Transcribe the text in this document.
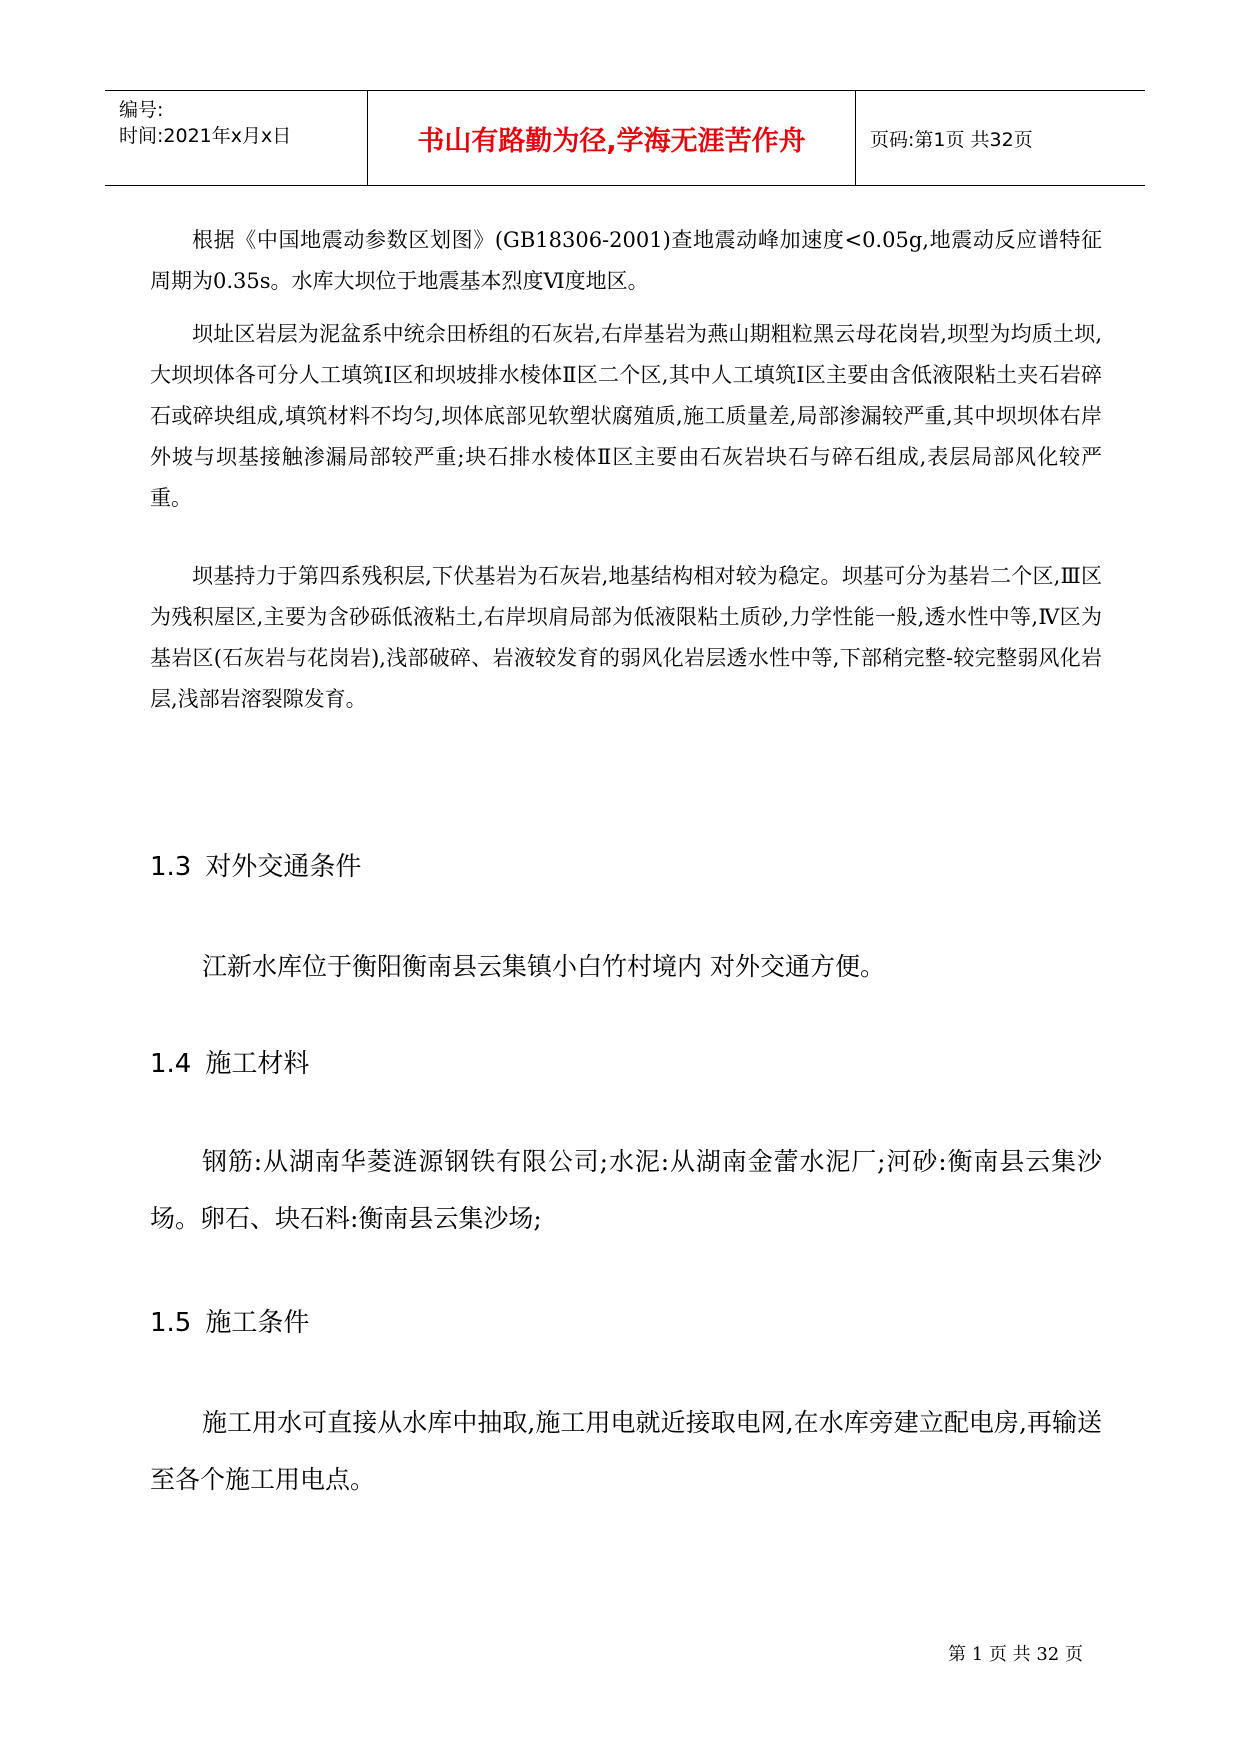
编号:
时间:2021年x月x日	书山有路勤为径,学海无涯苦作舟	页码:第1页 共32页

根据《中国地震动参数区划图》(GB18306-2001)查地震动峰加速度<0.05g,地震动反应谱特征周期为0.35s。水库大坝位于地震基本烈度Ⅵ度地区。

坝址区岩层为泥盆系中统佘田桥组的石灰岩,右岸基岩为燕山期粗粒黑云母花岗岩,坝型为均质土坝,大坝坝体各可分人工填筑Ⅰ区和坝坡排水棱体Ⅱ区二个区,其中人工填筑Ⅰ区主要由含低液限粘土夹石岩碎石或碎块组成,填筑材料不均匀,坝体底部见软塑状腐殖质,施工质量差,局部渗漏较严重,其中坝坝体右岸外坡与坝基接触渗漏局部较严重;块石排水棱体Ⅱ区主要由石灰岩块石与碎石组成,表层局部风化较严重。

坝基持力于第四系残积层,下伏基岩为石灰岩,地基结构相对较为稳定。坝基可分为基岩二个区,Ⅲ区为残积屋区,主要为含砂砾低液粘土,右岸坝肩局部为低液限粘土质砂,力学性能一般,透水性中等,Ⅳ区为基岩区(石灰岩与花岗岩),浅部破碎、岩液较发育的弱风化岩层透水性中等,下部稍完整-较完整弱风化岩层,浅部岩溶裂隙发育。

1.3 对外交通条件

江新水库位于衡阳衡南县云集镇小白竹村境内 对外交通方便。

1.4 施工材料

钢筋:从湖南华菱涟源钢铁有限公司;水泥:从湖南金蕾水泥厂;河砂:衡南县云集沙场。卵石、块石料:衡南县云集沙场;

1.5 施工条件

施工用水可直接从水库中抽取,施工用电就近接取电网,在水库旁建立配电房,再输送至各个施工用电点。

第 1 页 共 32 页
